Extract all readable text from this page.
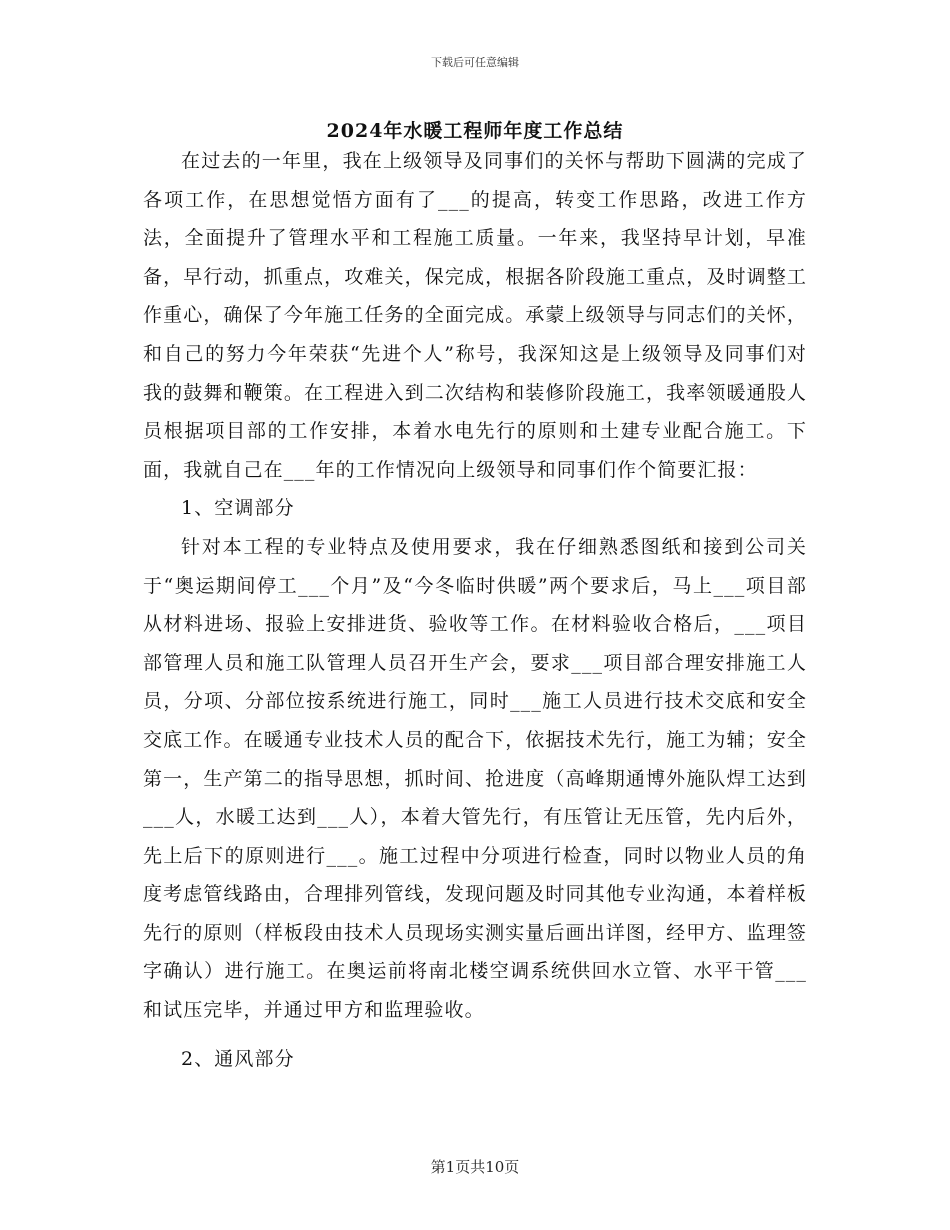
下载后可任意编辑
2024年水暖工程师年度工作总结

在过去的一年里，我在上级领导及同事们的关怀与帮助下圆满的完成了各项工作，在思想觉悟方面有了___的提高，转变工作思路，改进工作方法，全面提升了管理水平和工程施工质量。一年来，我坚持早计划，早准备，早行动，抓重点，攻难关，保完成，根据各阶段施工重点，及时调整工作重心，确保了今年施工任务的全面完成。承蒙上级领导与同志们的关怀，和自己的努力今年荣获“先进个人”称号，我深知这是上级领导及同事们对我的鼓舞和鞭策。在工程进入到二次结构和装修阶段施工，我率领暖通股人员根据项目部的工作安排，本着水电先行的原则和土建专业配合施工。下面，我就自己在___年的工作情况向上级领导和同事们作个简要汇报：

1、空调部分

针对本工程的专业特点及使用要求，我在仔细熟悉图纸和接到公司关于“奥运期间停工___个月”及“今冬临时供暖”两个要求后，马上___项目部从材料进场、报验上安排进货、验收等工作。在材料验收合格后，___项目部管理人员和施工队管理人员召开生产会，要求___项目部合理安排施工人员，分项、分部位按系统进行施工，同时___施工人员进行技术交底和安全交底工作。在暖通专业技术人员的配合下，依据技术先行，施工为辅；安全第一，生产第二的指导思想，抓时间、抢进度（高峰期通博外施队焊工达到___人，水暖工达到___人），本着大管先行，有压管让无压管，先内后外，先上后下的原则进行___。施工过程中分项进行检查，同时以物业人员的角度考虑管线路由，合理排列管线，发现问题及时同其他专业沟通，本着样板先行的原则（样板段由技术人员现场实测实量后画出详图，经甲方、监理签字确认）进行施工。在奥运前将南北楼空调系统供回水立管、水平干管___和试压完毕，并通过甲方和监理验收。

2、通风部分

第1页共10页
